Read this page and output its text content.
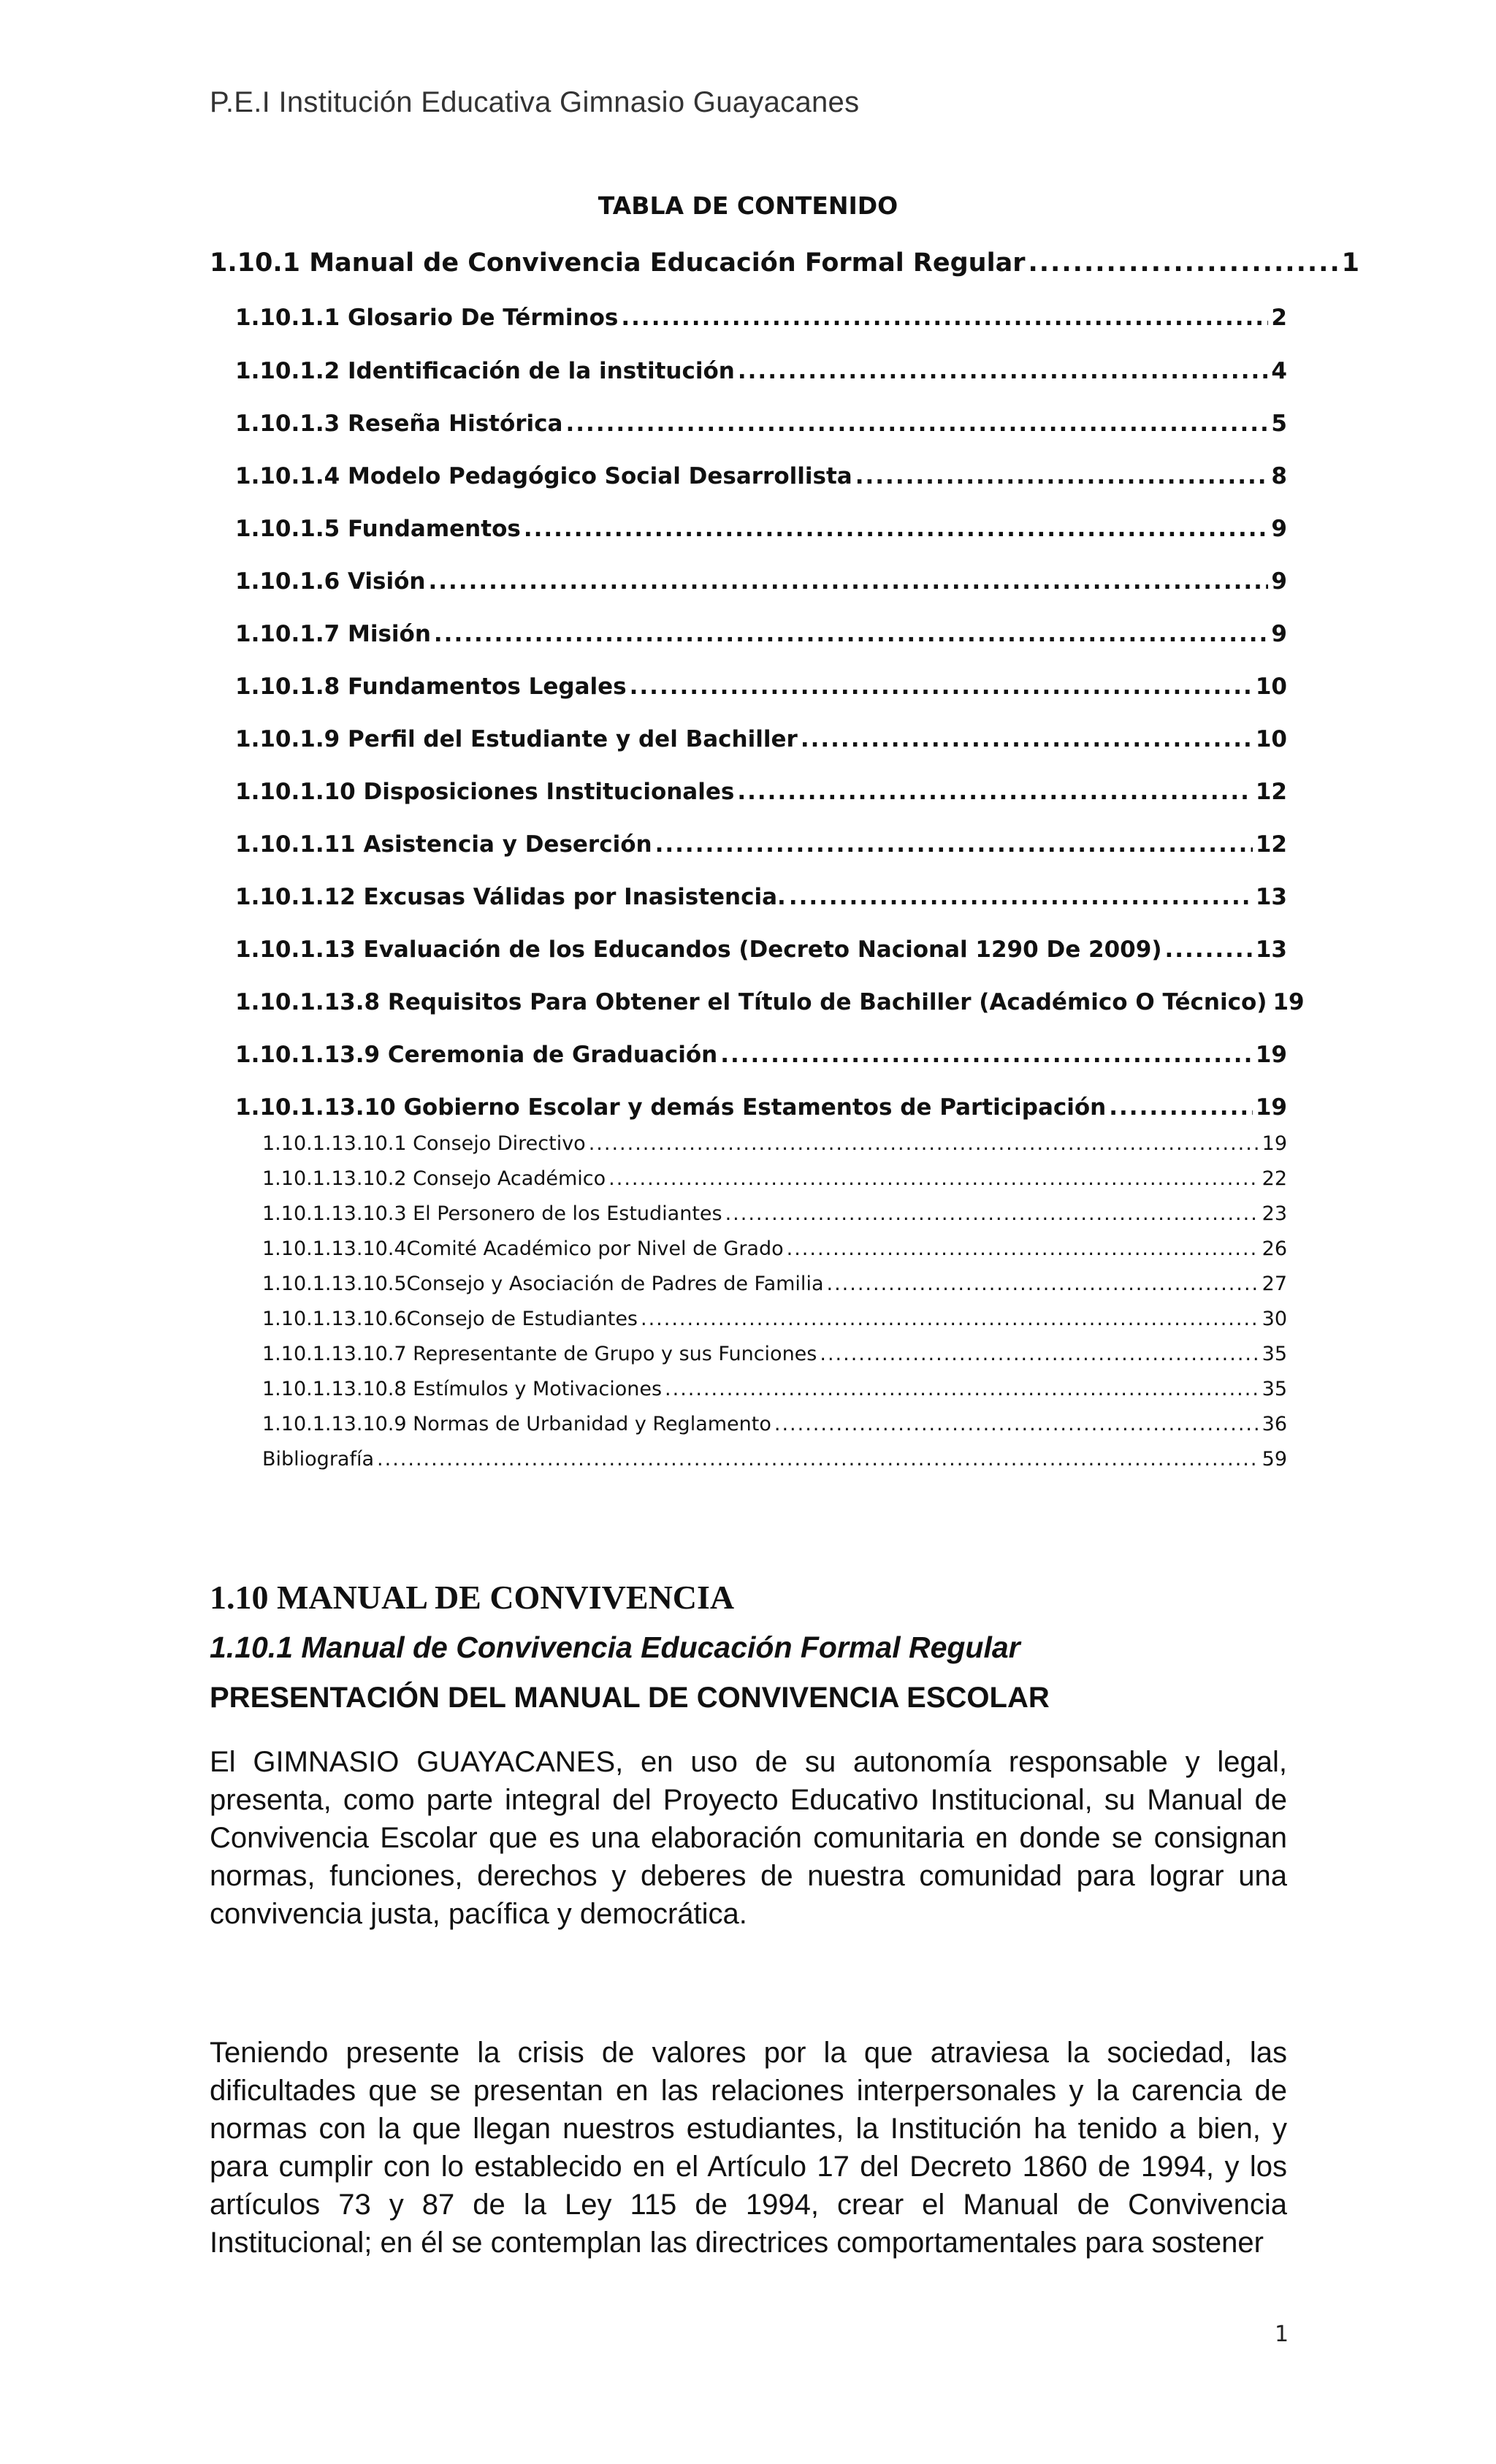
P.E.I Institución Educativa Gimnasio Guayacanes
TABLA DE CONTENIDO
1.10.1 Manual de Convivencia Educación Formal Regular .....	1
1.10.1.1 Glosario De Términos .....	2
1.10.1.2 Identificación de la institución .....	4
1.10.1.3 Reseña Histórica .....	5
1.10.1.4 Modelo Pedagógico Social Desarrollista .....	8
1.10.1.5 Fundamentos .....	9
1.10.1.6 Visión .....	9
1.10.1.7 Misión .....	9
1.10.1.8 Fundamentos Legales .....	10
1.10.1.9 Perfil del Estudiante y del Bachiller .....	10
1.10.1.10 Disposiciones Institucionales .....	12
1.10.1.11 Asistencia y Deserción .....	12
1.10.1.12 Excusas Válidas por Inasistencia. .....	13
1.10.1.13 Evaluación de los Educandos (Decreto Nacional 1290 De 2009) .....	13
1.10.1.13.8 Requisitos Para Obtener el Título de Bachiller (Académico O Técnico) 19
1.10.1.13.9 Ceremonia de Graduación .....	19
1.10.1.13.10 Gobierno Escolar y demás Estamentos de Participación .....	19
1.10.1.13.10.1 Consejo Directivo .....	19
1.10.1.13.10.2 Consejo Académico .....	22
1.10.1.13.10.3 El Personero de los Estudiantes .....	23
1.10.1.13.10.4Comité Académico por Nivel de Grado .....	26
1.10.1.13.10.5Consejo y Asociación de Padres de Familia .....	27
1.10.1.13.10.6Consejo de Estudiantes .....	30
1.10.1.13.10.7 Representante de Grupo y sus Funciones .....	35
1.10.1.13.10.8 Estímulos y Motivaciones .....	35
1.10.1.13.10.9 Normas de Urbanidad y Reglamento .....	36
Bibliografía .....	59
1.10 MANUAL DE CONVIVENCIA
1.10.1 Manual de Convivencia Educación Formal Regular
PRESENTACIÓN DEL MANUAL DE CONVIVENCIA ESCOLAR

El GIMNASIO GUAYACANES, en uso de su autonomía responsable y legal, presenta, como parte integral del Proyecto Educativo Institucional, su Manual de Convivencia Escolar que es una elaboración comunitaria en donde se consignan normas, funciones, derechos y deberes de nuestra comunidad para lograr una convivencia justa, pacífica y democrática.

Teniendo presente la crisis de valores por la que atraviesa la sociedad, las dificultades que se presentan en las relaciones interpersonales y la carencia de normas con la que llegan nuestros estudiantes, la Institución ha tenido a bien, y para cumplir con lo establecido en el Artículo 17 del Decreto 1860 de 1994, y los artículos 73 y 87 de la Ley 115 de 1994, crear el Manual de Convivencia Institucional; en él se contemplan las directrices comportamentales para sostener

1
